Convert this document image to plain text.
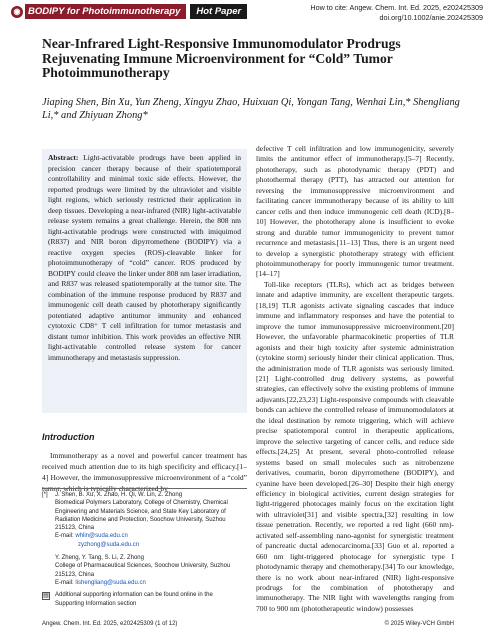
◉ BODIPY for Photoimmunotherapy	Hot Paper	How to cite: Angew. Chem. Int. Ed. 2025, e202425309
doi.org/10.1002/anie.202425309
Near-Infrared Light-Responsive Immunomodulator Prodrugs Rejuvenating Immune Microenvironment for “Cold” Tumor Photoimmunotherapy
Jiaping Shen, Bin Xu, Yun Zheng, Xingyu Zhao, Huixuan Qi, Yongan Tang, Wenhai Lin,* Shengliang Li,* and Zhiyuan Zhong*

Abstract: Light-activatable prodrugs have been applied in precision cancer therapy because of their spatiotemporal controllability and minimal toxic side effects. However, the reported prodrugs were limited by the ultraviolet and visible light regions, which seriously restricted their application in deep tissues. Developing a near-infrared (NIR) light-activatable release system remains a great challenge. Herein, the 808 nm light-activatable prodrugs were constructed with imiquimod (R837) and NIR boron dipyrromethene (BODIPY) via a reactive oxygen species (ROS)-cleavable linker for photoimmunotherapy of “cold” cancer. ROS produced by BODIPY could cleave the linker under 808 nm laser irradiation, and R837 was released spatiotemporally at the tumor site. The combination of the immune response produced by R837 and immunogenic cell death caused by phototherapy significantly potentiated adaptive antitumor immunity and enhanced cytotoxic CD8⁺ T cell infiltration for tumor metastasis and distant tumor inhibition. This work provides an effective NIR light-activatable controlled release system for cancer immunotherapy and metastasis suppression.

Introduction

Immunotherapy as a novel and powerful cancer treatment has received much attention due to its high specificity and efficacy.[1–4] However, the immunosuppressive microenvironment of a “cold” tumor, which is typically characterized by

[*] J. Shen, B. Xu, X. Zhao, H. Qi, W. Lin, Z. Zhong
Biomedical Polymers Laboratory, College of Chemistry, Chemical
Engineering and Materials Science, and State Key Laboratory of
Radiation Medicine and Protection, Soochow University, Suzhou
215123, China
E-mail: whlin@suda.edu.cn
zyzhong@suda.edu.cn
Y. Zheng, Y. Tang, S. Li, Z. Zhong
College of Pharmaceutical Sciences, Soochow University, Suzhou
215123, China
E-mail: lishengliang@suda.edu.cn
▤ Additional supporting information can be found online in the
Supporting Information section

defective T cell infiltration and low immunogenicity, severely limits the antitumor effect of immunotherapy.[5–7] Recently, phototherapy, such as photodynamic therapy (PDT) and photothermal therapy (PTT), has attracted our attention for reversing the immunosuppressive microenvironment and facilitating cancer immunotherapy because of its ability to kill cancer cells and then induce immunogenic cell death (ICD).[8–10] However, the phototherapy alone is insufficient to evoke strong and durable tumor immunogenicity to prevent tumor recurrence and metastasis.[11–13] Thus, there is an urgent need to develop a synergistic phototherapy strategy with efficient photoimmunotherapy for poorly immunogenic tumor treatment.[14–17]

Toll-like receptors (TLRs), which act as bridges between innate and adaptive immunity, are excellent therapeutic targets.[18,19] TLR agonists activate signaling cascades that induce immune and inflammatory responses and have the potential to improve the tumor immunosuppressive microenvironment.[20] However, the unfavorable pharmacokinetic properties of TLR agonists and their high toxicity after systemic administration (cytokine storm) seriously hinder their clinical application. Thus, the administration mode of TLR agonists was seriously limited.[21] Light-controlled drug delivery systems, as powerful strategies, can effectively solve the existing problems of immune adjuvants.[22,23,23] Light-responsive compounds with cleavable bonds can achieve the controlled release of immunomodulators at the ideal destination by remote triggering, which will achieve precise spatiotemporal control in therapeutic applications, improve the selective targeting of cancer cells, and reduce side effects.[24,25] At present, several photo-controlled release systems based on small molecules such as nitrobenzene derivatives, coumarin, boron dipyrromethene (BODIPY), and cyanine have been developed.[26–30] Despite their high energy efficiency in biological activities, current design strategies for light-triggered photocages mainly focus on the excitation light with ultraviolet[31] and visible spectra,[32] resulting in low tissue penetration. Recently, we reported a red light (660 nm)-activated self-assembling nano-agonist for synergistic treatment of pancreatic ductal adenocarcinoma.[33] Guo et al. reported a 660 nm light-triggered photocage for synergistic type I photodynamic therapy and chemotherapy.[34] To our knowledge, there is no work about near-infrared (NIR) light-responsive prodrugs for the combination of phototherapy and immunotherapy. The NIR light with wavelengths ranging from 700 to 900 nm (phototherapeutic window) possesses

Angew. Chem. Int. Ed. 2025, e202425309 (1 of 12)	© 2025 Wiley-VCH GmbH
